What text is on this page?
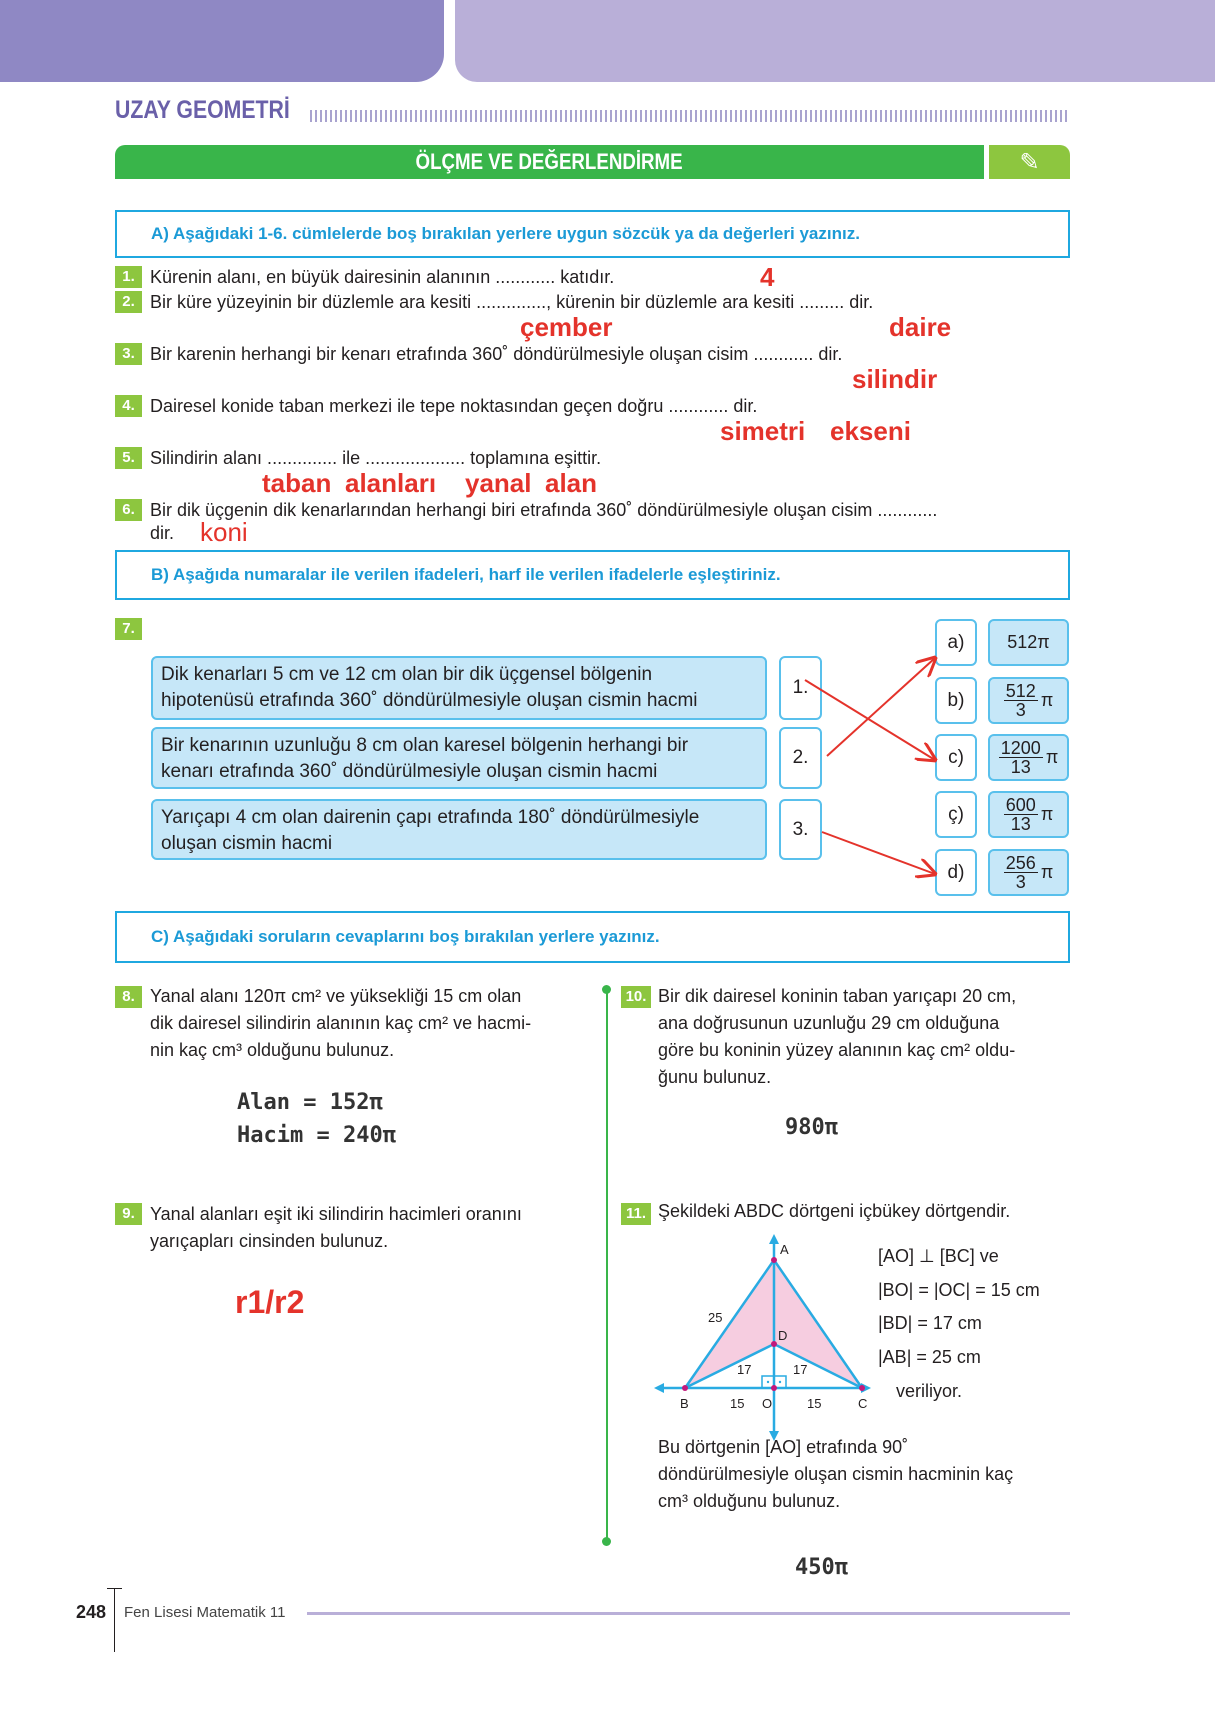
UZAY GEOMETRİ
ÖLÇME VE DEĞERLENDİRME	✎
A) Aşağıdaki 1-6. cümlelerde boş bırakılan yerlere uygun sözcük ya da değerleri yazınız.
1. Kürenin alanı, en büyük dairesinin alanının ............ katıdır.	4
2. Bir küre yüzeyinin bir düzlemle ara kesiti .............., kürenin bir düzlemle ara kesiti ......... dir.
çember	daire
3. Bir karenin herhangi bir kenarı etrafında 360˚ döndürülmesiyle oluşan cisim ............ dir.
silindir
4. Dairesel konide taban merkezi ile tepe noktasından geçen doğru ............ dir.
simetri ekseni
5. Silindirin alanı .............. ile .................... toplamına eşittir.
taban alanları yanal alan
6. Bir dik üçgenin dik kenarlarından herhangi biri etrafında 360˚ döndürülmesiyle oluşan cisim ............
dir. koni
B) Aşağıda numaralar ile verilen ifadeleri, harf ile verilen ifadelerle eşleştiriniz.
7.
Dik kenarları 5 cm ve 12 cm olan bir dik üçgensel bölgenin
hipotenüsü etrafında 360˚ döndürülmesiyle oluşan cismin hacmi
Bir kenarının uzunluğu 8 cm olan karesel bölgenin herhangi bir
kenarı etrafında 360˚ döndürülmesiyle oluşan cismin hacmi
Yarıçapı 4 cm olan dairenin çapı etrafında 180˚ döndürülmesiyle
oluşan cismin hacmi
1.
2.
3.
a)
b)
c)
ç)
d)
512π
$\frac{512}{3}$ π
$\frac{1200}{13}$ π
$\frac{600}{13}$ π
$\frac{256}{3}$ π
C) Aşağıdaki soruların cevaplarını boş bırakılan yerlere yazınız.
8. Yanal alanı 120π cm² ve yüksekliği 15 cm olan
dik dairesel silindirin alanının kaç cm² ve hacmi-
nin kaç cm³ olduğunu bulunuz.
Alan = 152π
Hacim = 240π
9. Yanal alanları eşit iki silindirin hacimleri oranını
yarıçapları cinsinden bulunuz.
r1/r2
10. Bir dik dairesel koninin taban yarıçapı 20 cm,
ana doğrusunun uzunluğu 29 cm olduğuna
göre bu koninin yüzey alanının kaç cm² oldu-
ğunu bulunuz.
980π
11. Şekildeki ABDC dörtgeni içbükey dörtgendir.
A
B	C
D
O
25
17	17
15	15
[AO] ⊥ [BC] ve
|BO| = |OC| = 15 cm
|BD| = 17 cm
|AB| = 25 cm
veriliyor.
Bu dörtgenin [AO] etrafında 90˚
döndürülmesiyle oluşan cismin hacminin kaç
cm³ olduğunu bulunuz.
450π
248 Fen Lisesi Matematik 11
